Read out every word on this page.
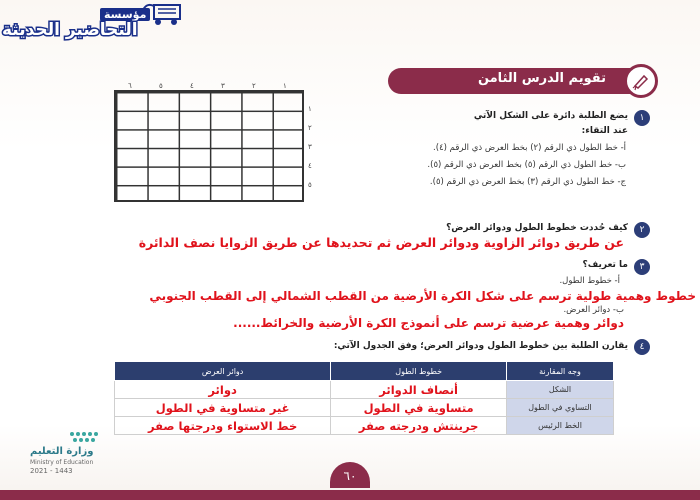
مؤسسة
التحاضير الحديثة
تقويم الدرس الثامن
١
يضع الطلبة دائرة على الشكل الآتي
عند التقاء:
أ- خط الطول ذي الرقم (٢) بخط العرض ذي الرقم (٤).
ب- خط الطول ذي الرقم (٥) بخط العرض ذي الرقم (٥).
ج- خط الطول ذي الرقم (٣) بخط العرض ذي الرقم (٥).
١
٢
٣
٤
٥
٦
١
٢
٣
٤
٥
٢
كيف حُددت خطوط الطول ودوائر العرض؟
عن طريق دوائر الزاوية ودوائر العرض ثم تحديدها عن طريق الزوايا نصف الدائرة
٣
ما تعريف؟
أ- خطوط الطول.
خطوط وهمية طولية ترسم على شكل الكرة الأرضية من القطب الشمالي إلى القطب الجنوبي
ب- دوائر العرض.
دوائر وهمية عرضية ترسم على أنموذج الكرة الأرضية والخرائط......
٤
يقارن الطلبة بين خطوط الطول ودوائر العرض؛ وفق الجدول الآتي:
وجه المقارنة	خطوط الطول	دوائر العرض
الشكل	أنصاف الدوائر	دوائر
التساوي في الطول	متساوية في الطول	غير متساوية في الطول
الخط الرئيس	جرينتش ودرجته صفر	خط الاستواء ودرجتها صفر
وزارة التعليم
Ministry of Education
2021 - 1443	٦٠
